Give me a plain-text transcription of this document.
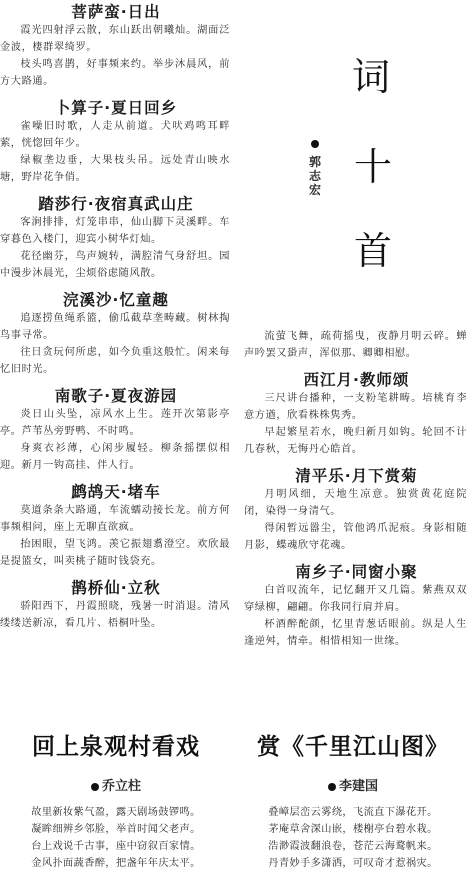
菩萨蛮·日出

霞光四射浮云散，东山跃出朝曦灿。湖面泛金波，棲群翠绮罗。

枝头鸣喜鹊，好事频来约。举步沐晨风，前方大路通。

卜算子·夏日回乡

雀噪旧时歌，人走从前道。犬吠鸡鸣耳畔萦，恍惚回年少。

绿椒垄边垂，大果枝头吊。远处青山映水塘，野岸花争俏。

踏莎行·夜宿真武山庄

客涧排排，灯笼串串，仙山脚下灵溪畔。车穿暮色入楼门，迎宾小树华灯灿。

花径幽芬，鸟声婉转，满腔清气身舒坦。园中漫步沐晨光，尘烦俗虑随风散。

浣溪沙·忆童趣

追逐捞鱼绳系篮，偷瓜截草垄畴藏。树林掏鸟事寻常。

往日贪玩何所虑，如今负重这般忙。闲来每忆旧时光。

南歌子·夏夜游园

炎日山头坠，凉风水上生。莲开次第影亭亭。芦苇丛旁野鸭、不时鸣。

身爽衣衫薄，心闲步履轻。柳条摇摆似相迎。新月一钩高挂、伴人行。

鹧鸪天·堵车

莫道条条大路通，车流蠕动接长龙。前方何事频相问，座上无聊直欲疯。

抬困眼，望飞鸿。羡它振翅翥澄空。欢欣最是提篮女，叫卖桃子随时钱袋充。

鹊桥仙·立秋

骄阳西下，丹霞照晓，残暑一时消退。清风缕缕送新凉，看几片、梧桐叶坠。

词
十
首
郭
志
宏

流萤飞舞，疏荷摇曳，夜静月明云碎。蝉声吟罢又蛩声，浑似那、卿卿相慰。

西江月·教师颂

三尺讲台播种，一支粉笔耕畴。培桃育李意方遒，欣看株株隽秀。

早起繁星若水，晚归新月如钩。轮回不计几春秋，无悔丹心皓首。

清平乐·月下赏菊

月明风细，天地生凉意。独赏黄花庭院闭，染得一身清气。

得闲暂远嚣尘，管他鸿爪泥痕。身影相随月影，蝶魂欣守花魂。

南乡子·同窗小聚

白首叹流年，记忆翻开又几篇。紫燕双双穿绿柳，翩翩。你我同行肩并肩。

杯酒醉酡颜，忆里青葱话眼前。纵是人生逢逆舛，情牵。相惜相知一世缘。

回上泉观村看戏
乔立柱

故里新妆紫气盈，露天剧场鼓锣鸣。

凝眸细辨乡邻脸，举首时闻父老声。

台上戏说千古事，座中窃叙百家情。

金风扑面蔬香醉，把盏年年庆太平。

赏《千里江山图》
李建国

叠嶂层峦云雾绕，飞流直下瀑花开。

茅庵草舍深山嵌，楼榭亭台碧水栽。

浩渺霞波翻浪卷，苍茫云海鹜帆来。

丹青妙手多潇洒，可叹奇才惹祸灾。
